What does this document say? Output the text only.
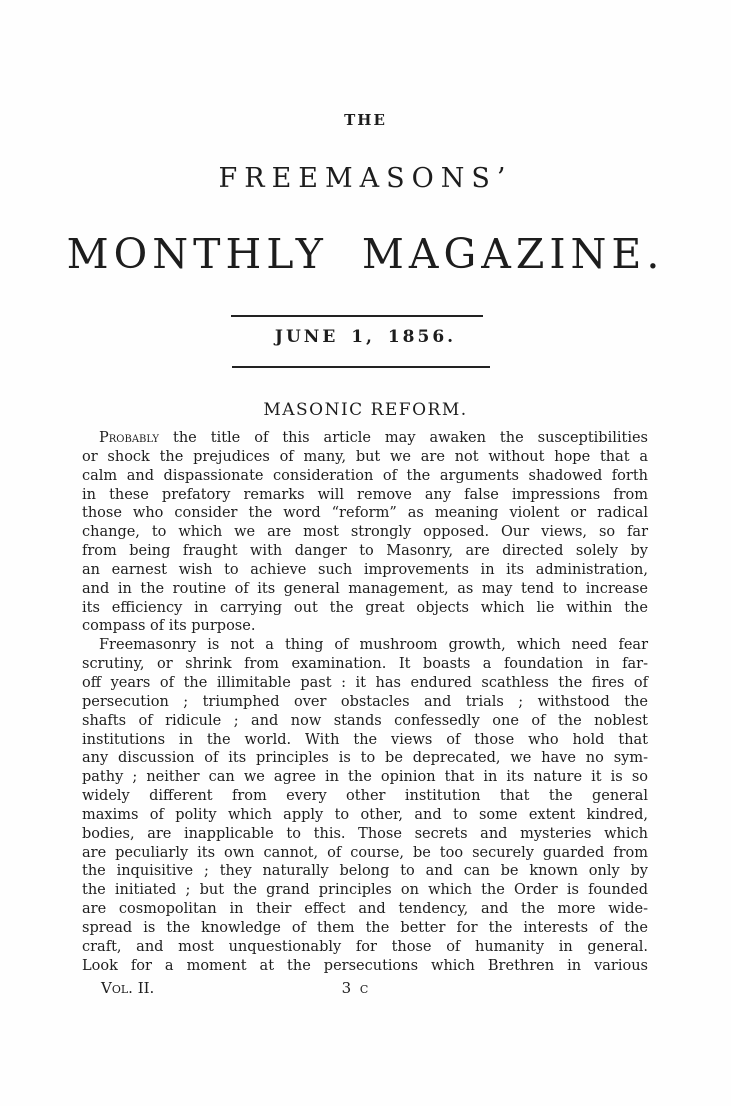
THE
FREEMASONS’
MONTHLY MAGAZINE.
JUNE 1, 1856.
MASONIC REFORM.
Probably the title of this article may awaken the susceptibilities
or shock the prejudices of many, but we are not without hope that a
calm and dispassionate consideration of the arguments shadowed forth
in these prefatory remarks will remove any false impressions from
those who consider the word “reform” as meaning violent or radical
change, to which we are most strongly opposed. Our views, so far
from being fraught with danger to Masonry, are directed solely by
an earnest wish to achieve such improvements in its administration,
and in the routine of its general management, as may tend to increase
its efficiency in carrying out the great objects which lie within the
compass of its purpose.
Freemasonry is not a thing of mushroom growth, which need fear
scrutiny, or shrink from examination. It boasts a foundation in far-
off years of the illimitable past : it has endured scathless the fires of
persecution ; triumphed over obstacles and trials ; withstood the
shafts of ridicule ; and now stands confessedly one of the noblest
institutions in the world. With the views of those who hold that
any discussion of its principles is to be deprecated, we have no sym-
pathy ; neither can we agree in the opinion that in its nature it is so
widely different from every other institution that the general
maxims of polity which apply to other, and to some extent kindred,
bodies, are inapplicable to this. Those secrets and mysteries which
are peculiarly its own cannot, of course, be too securely guarded from
the inquisitive ; they naturally belong to and can be known only by
the initiated ; but the grand principles on which the Order is founded
are cosmopolitan in their effect and tendency, and the more wide-
spread is the knowledge of them the better for the interests of the
craft, and most unquestionably for those of humanity in general.
Look for a moment at the persecutions which Brethren in various
Vol. II.	3 c
